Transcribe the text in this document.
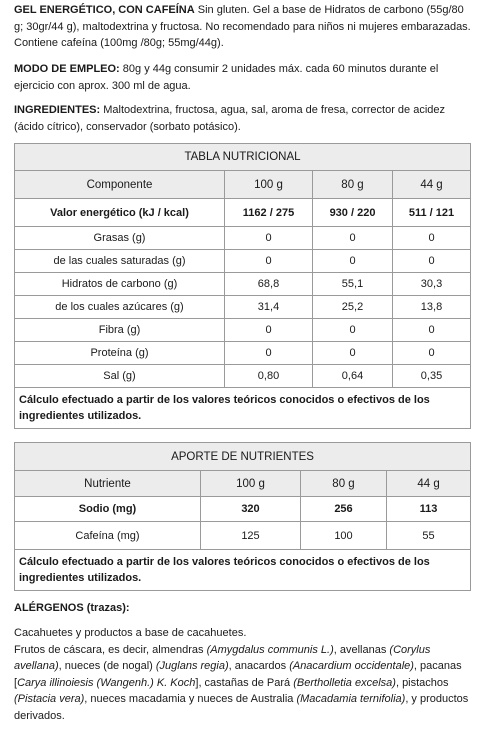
GEL ENERGÉTICO, CON CAFEÍNA Sin gluten. Gel a base de Hidratos de carbono (55g/80 g; 30gr/44 g), maltodextrina y fructosa. No recomendado para niños ni mujeres embarazadas. Contiene cafeína (100mg /80g; 55mg/44g).
MODO DE EMPLEO: 80g y 44g consumir 2 unidades máx. cada 60 minutos durante el ejercicio con aprox. 300 ml de agua.
INGREDIENTES: Maltodextrina, fructosa, agua, sal, aroma de fresa, corrector de acidez (ácido cítrico), conservador (sorbato potásico).
TABLA NUTRICIONAL			
Componente	100 g	80 g	44 g
Valor energético (kJ / kcal)	1162 / 275	930 / 220	511 / 121
Grasas (g)	0	0	0
de las cuales saturadas (g)	0	0	0
Hidratos de carbono (g)	68,8	55,1	30,3
de los cuales azúcares (g)	31,4	25,2	13,8
Fibra (g)	0	0	0
Proteína (g)	0	0	0
Sal (g)	0,80	0,64	0,35
Cálculo efectuado a partir de los valores teóricos conocidos o efectivos de los ingredientes utilizados.			
APORTE DE NUTRIENTES			
Nutriente	100 g	80 g	44 g
Sodio (mg)	320	256	113
Cafeína (mg)	125	100	55
Cálculo efectuado a partir de los valores teóricos conocidos o efectivos de los ingredientes utilizados.			
ALÉRGENOS (trazas):
Cacahuetes y productos a base de cacahuetes.
Frutos de cáscara, es decir, almendras (Amygdalus communis L.), avellanas (Corylus avellana), nueces (de nogal) (Juglans regia), anacardos (Anacardium occidentale), pacanas [Carya illinoiesis (Wangenh.) K. Koch], castañas de Pará (Bertholletia excelsa), pistachos (Pistacia vera), nueces macadamia y nueces de Australia (Macadamia ternifolia), y productos derivados.
